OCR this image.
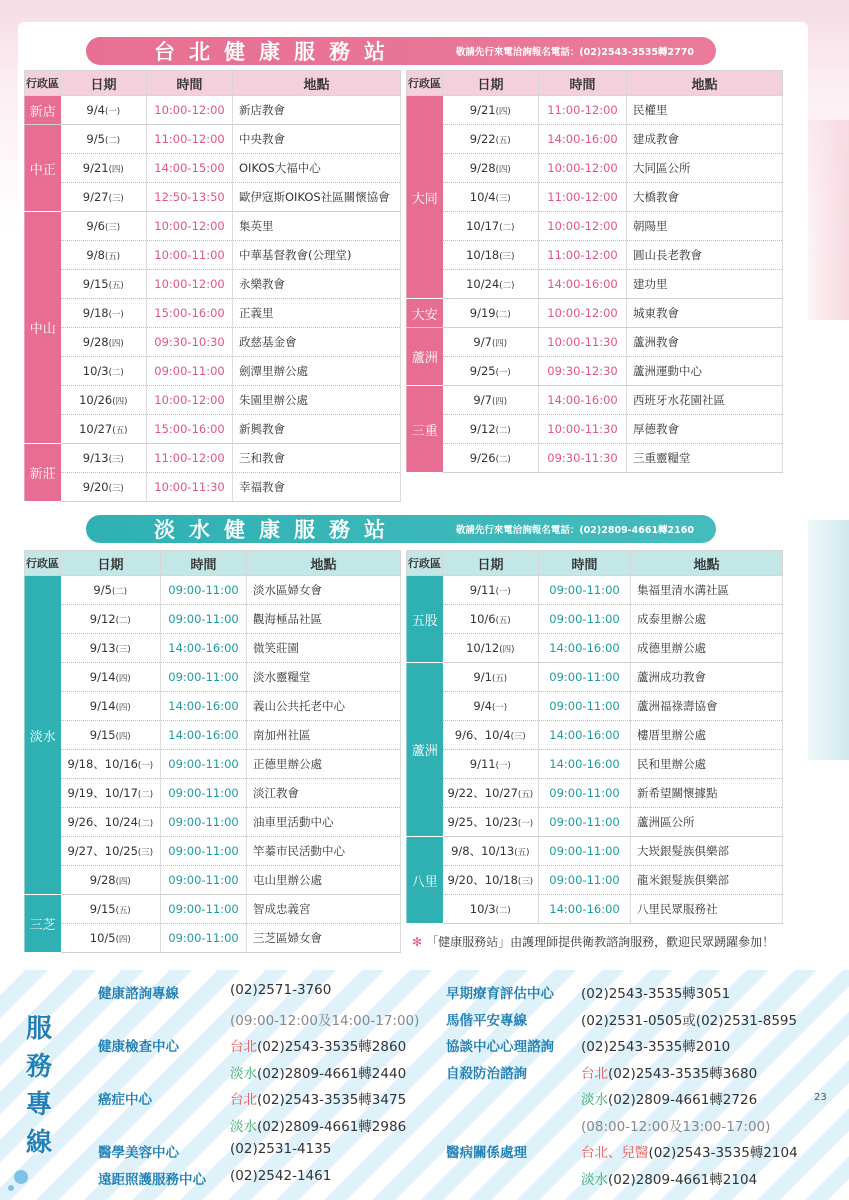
台北健康服務站	敬請先行來電洽詢報名電話：(02)2543-3535轉2770
行政區	日期	時間	地點
新店	9/4(一)	10:00-12:00	新店教會
中正	9/5(二)	11:00-12:00	中央教會
	9/21(四)	14:00-15:00	OIKOS大福中心
	9/27(三)	12:50-13:50	歐伊寇斯OIKOS社區關懷協會
中山	9/6(三)	10:00-12:00	集英里
	9/8(五)	10:00-11:00	中華基督教會(公理堂)
	9/15(五)	10:00-12:00	永樂教會
	9/18(一)	15:00-16:00	正義里
	9/28(四)	09:30-10:30	政慈基金會
	10/3(二)	09:00-11:00	劍潭里辦公處
	10/26(四)	10:00-12:00	朱園里辦公處
	10/27(五)	15:00-16:00	新興教會
新莊	9/13(三)	11:00-12:00	三和教會
	9/20(三)	10:00-11:30	幸福教會
行政區	日期	時間	地點
大同	9/21(四)	11:00-12:00	民權里
	9/22(五)	14:00-16:00	建成教會
	9/28(四)	10:00-12:00	大同區公所
	10/4(三)	11:00-12:00	大橋教會
	10/17(二)	10:00-12:00	朝陽里
	10/18(三)	11:00-12:00	圓山長老教會
	10/24(二)	14:00-16:00	建功里
大安	9/19(二)	10:00-12:00	城東教會
蘆洲	9/7(四)	10:00-11:30	蘆洲教會
	9/25(一)	09:30-12:30	蘆洲運動中心
三重	9/7(四)	14:00-16:00	西班牙水花園社區
	9/12(二)	10:00-11:30	厚德教會
	9/26(二)	09:30-11:30	三重靈糧堂
淡水健康服務站	敬請先行來電洽詢報名電話：(02)2809-4661轉2160
行政區	日期	時間	地點
淡水	9/5(二)	09:00-11:00	淡水區婦女會
	9/12(二)	09:00-11:00	觀海極品社區
	9/13(三)	14:00-16:00	微笑莊園
	9/14(四)	09:00-11:00	淡水靈糧堂
	9/14(四)	14:00-16:00	義山公共托老中心
	9/15(四)	14:00-16:00	南加州社區
	9/18、10/16(一)	09:00-11:00	正德里辦公處
	9/19、10/17(二)	09:00-11:00	淡江教會
	9/26、10/24(二)	09:00-11:00	油車里活動中心
	9/27、10/25(三)	09:00-11:00	竿蓁市民活動中心
	9/28(四)	09:00-11:00	屯山里辦公處
三芝	9/15(五)	09:00-11:00	智成忠義宮
	10/5(四)	09:00-11:00	三芝區婦女會
行政區	日期	時間	地點
五股	9/11(一)	09:00-11:00	集福里清水溝社區
	10/6(五)	09:00-11:00	成泰里辦公處
	10/12(四)	14:00-16:00	成德里辦公處
蘆洲	9/1(五)	09:00-11:00	蘆洲成功教會
	9/4(一)	09:00-11:00	蘆洲福祿壽協會
	9/6、10/4(三)	14:00-16:00	樓厝里辦公處
	9/11(一)	14:00-16:00	民和里辦公處
	9/22、10/27(五)	09:00-11:00	新希望關懷據點
	9/25、10/23(一)	09:00-11:00	蘆洲區公所
八里	9/8、10/13(五)	09:00-11:00	大崁銀髮族俱樂部
	9/20、10/18(三)	09:00-11:00	龍米銀髮族俱樂部
	10/3(二)	14:00-16:00	八里民眾服務社
✻ 「健康服務站」由護理師提供衛教諮詢服務，歡迎民眾踴躍參加！
服
務
專
線
健康諮詢專線	(02)2571-3760
(09:00-12:00及14:00-17:00)
健康檢查中心	台北(02)2543-3535轉2860
淡水(02)2809-4661轉2440
癌症中心	台北(02)2543-3535轉3475
淡水(02)2809-4661轉2986
醫學美容中心	(02)2531-4135
遠距照護服務中心 (02)2542-1461
早期療育評估中心 (02)2543-3535轉3051
馬偕平安專線	(02)2531-0505或(02)2531-8595
協談中心心理諮詢 (02)2543-3535轉2010
自殺防治諮詢	台北(02)2543-3535轉3680
淡水(02)2809-4661轉2726
(08:00-12:00及13:00-17:00)
醫病關係處理	台北、兒醫(02)2543-3535轉2104
淡水(02)2809-4661轉2104
23
